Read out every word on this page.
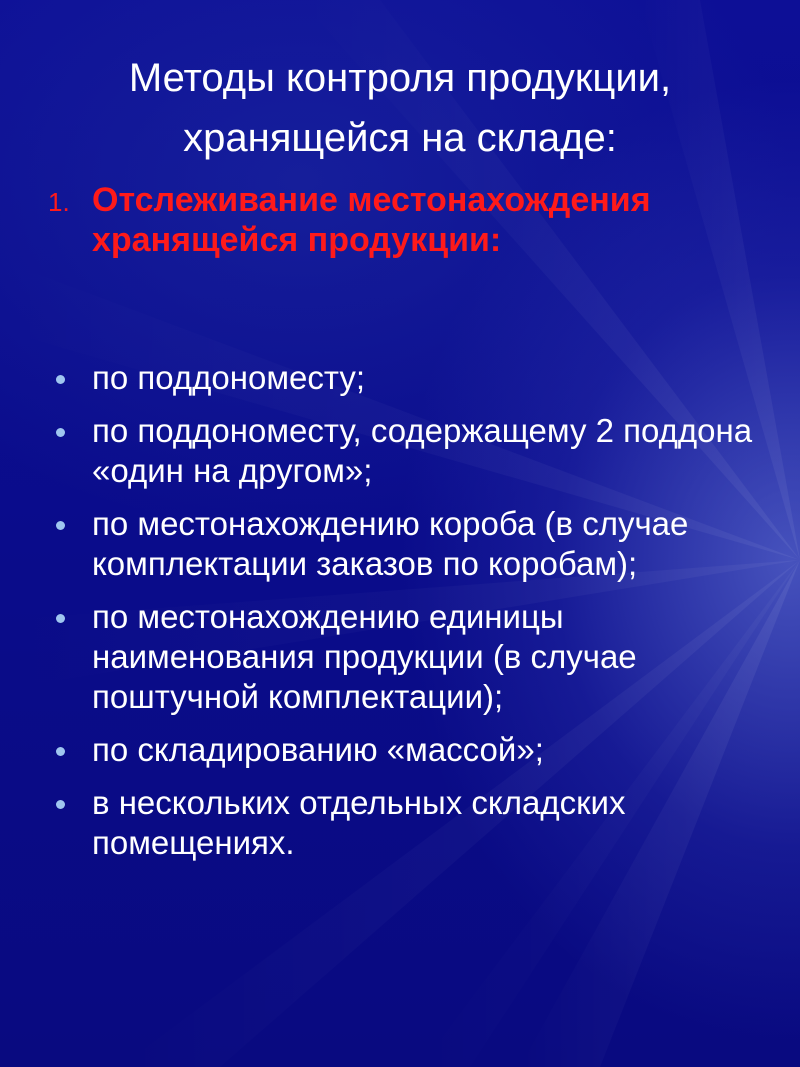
Методы контроля продукции,
хранящейся на складе:
1. Отслеживание местонахождения хранящейся продукции:
по поддономесту;
по поддономесту, содержащему 2 поддона «один на другом»;
по местонахождению короба (в случае комплектации заказов по коробам);
по местонахождению единицы наименования продукции (в случае поштучной комплектации);
по складированию «массой»;
в нескольких отдельных складских помещениях.
